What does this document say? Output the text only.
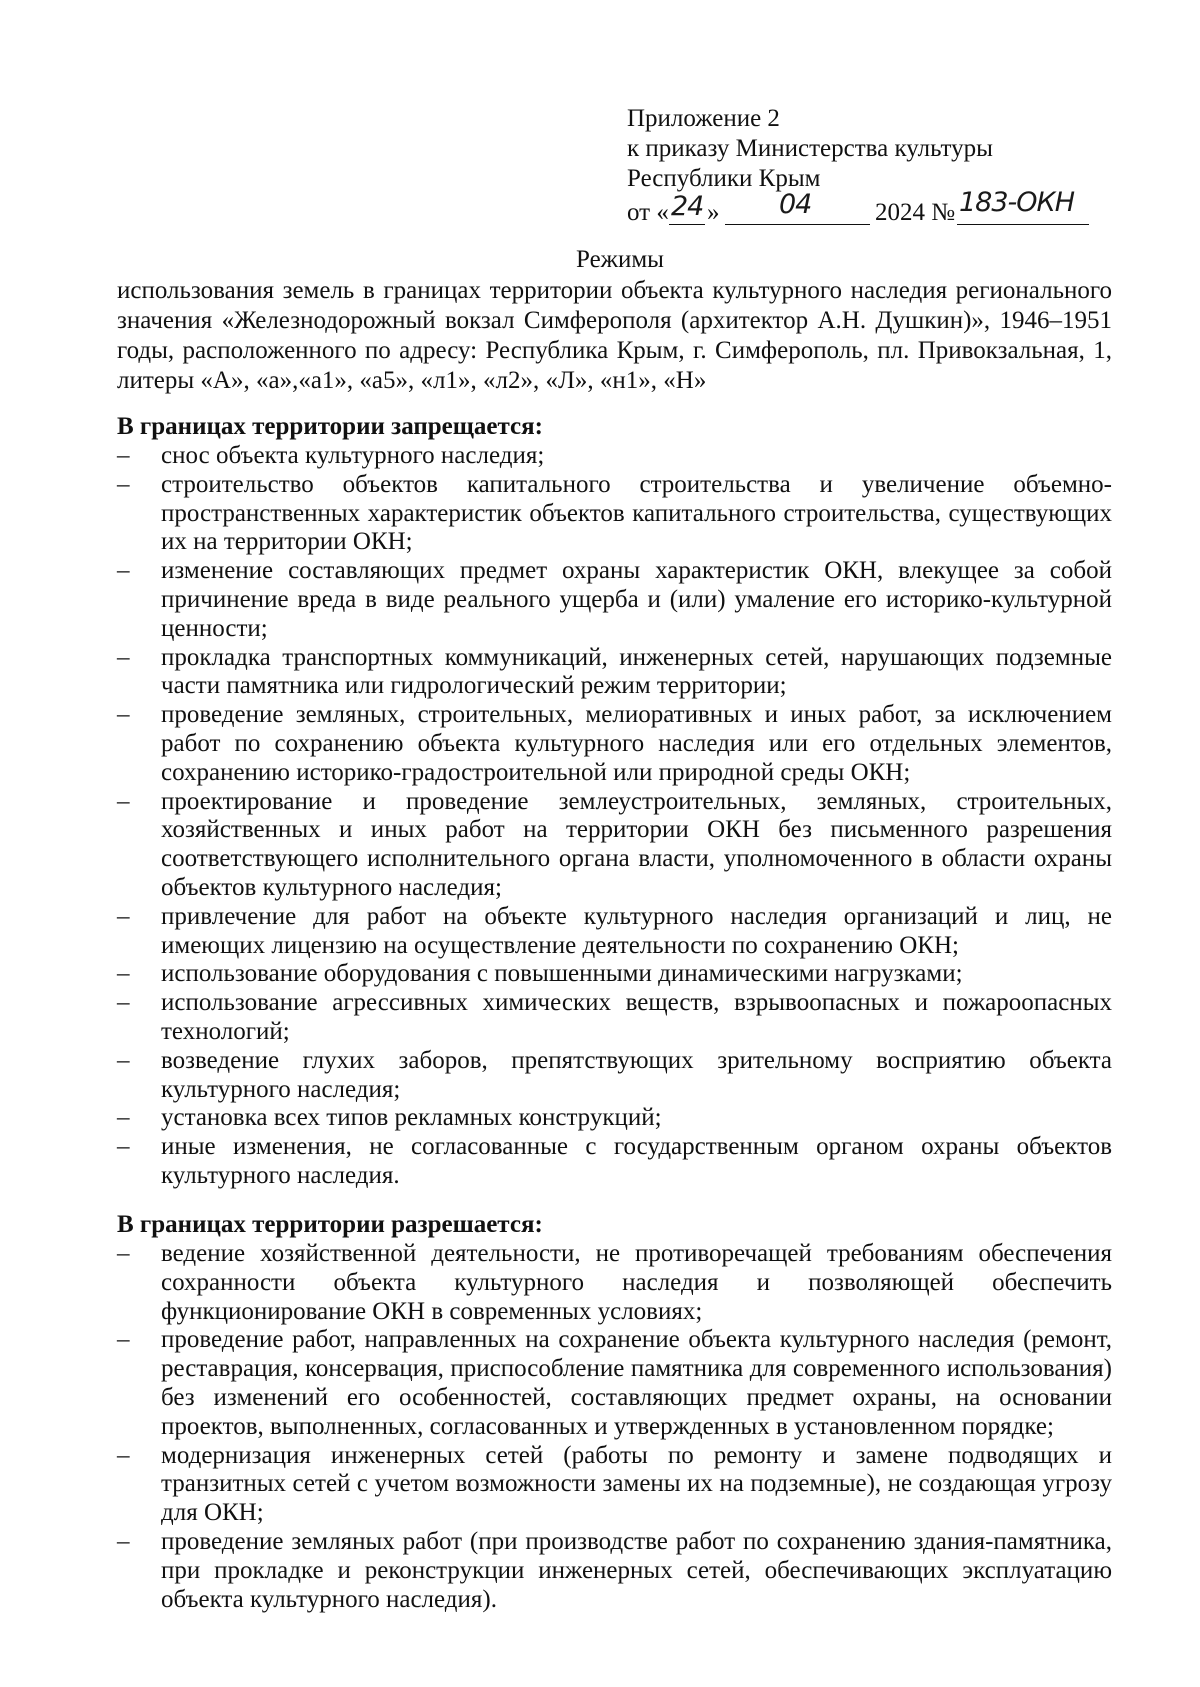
Приложение 2
к приказу Министерства культуры
Республики Крым
от « 24 » 04	2024 № 183-ОКН
Режимы
использования земель в границах территории объекта культурного наследия регионального значения «Железнодорожный вокзал Симферополя (архитектор А.Н. Душкин)», 1946–1951 годы, расположенного по адресу: Республика Крым, г. Симферополь, пл. Привокзальная, 1, литеры «А», «а»,«а1», «а5», «л1», «л2», «Л», «н1», «Н»
В границах территории запрещается:
– снос объекта культурного наследия;
– строительство объектов капитального строительства и увеличение объемно-пространственных характеристик объектов капитального строительства, существующих их на территории ОКН;
– изменение составляющих предмет охраны характеристик ОКН, влекущее за собой причинение вреда в виде реального ущерба и (или) умаление его историко-культурной ценности;
– прокладка транспортных коммуникаций, инженерных сетей, нарушающих подземные части памятника или гидрологический режим территории;
– проведение земляных, строительных, мелиоративных и иных работ, за исключением работ по сохранению объекта культурного наследия или его отдельных элементов, сохранению историко-градостроительной или природной среды ОКН;
– проектирование и проведение землеустроительных, земляных, строительных, хозяйственных и иных работ на территории ОКН без письменного разрешения соответствующего исполнительного органа власти, уполномоченного в области охраны объектов культурного наследия;
– привлечение для работ на объекте культурного наследия организаций и лиц, не имеющих лицензию на осуществление деятельности по сохранению ОКН;
– использование оборудования с повышенными динамическими нагрузками;
– использование агрессивных химических веществ, взрывоопасных и пожароопасных технологий;
– возведение глухих заборов, препятствующих зрительному восприятию объекта культурного наследия;
– установка всех типов рекламных конструкций;
– иные изменения, не согласованные с государственным органом охраны объектов культурного наследия.
В границах территории разрешается:
– ведение хозяйственной деятельности, не противоречащей требованиям обеспечения сохранности объекта культурного наследия и позволяющей обеспечить функционирование ОКН в современных условиях;
– проведение работ, направленных на сохранение объекта культурного наследия (ремонт, реставрация, консервация, приспособление памятника для современного использования) без изменений его особенностей, составляющих предмет охраны, на основании проектов, выполненных, согласованных и утвержденных в установленном порядке;
– модернизация инженерных сетей (работы по ремонту и замене подводящих и транзитных сетей с учетом возможности замены их на подземные), не создающая угрозу для ОКН;
– проведение земляных работ (при производстве работ по сохранению здания-памятника, при прокладке и реконструкции инженерных сетей, обеспечивающих эксплуатацию объекта культурного наследия).
